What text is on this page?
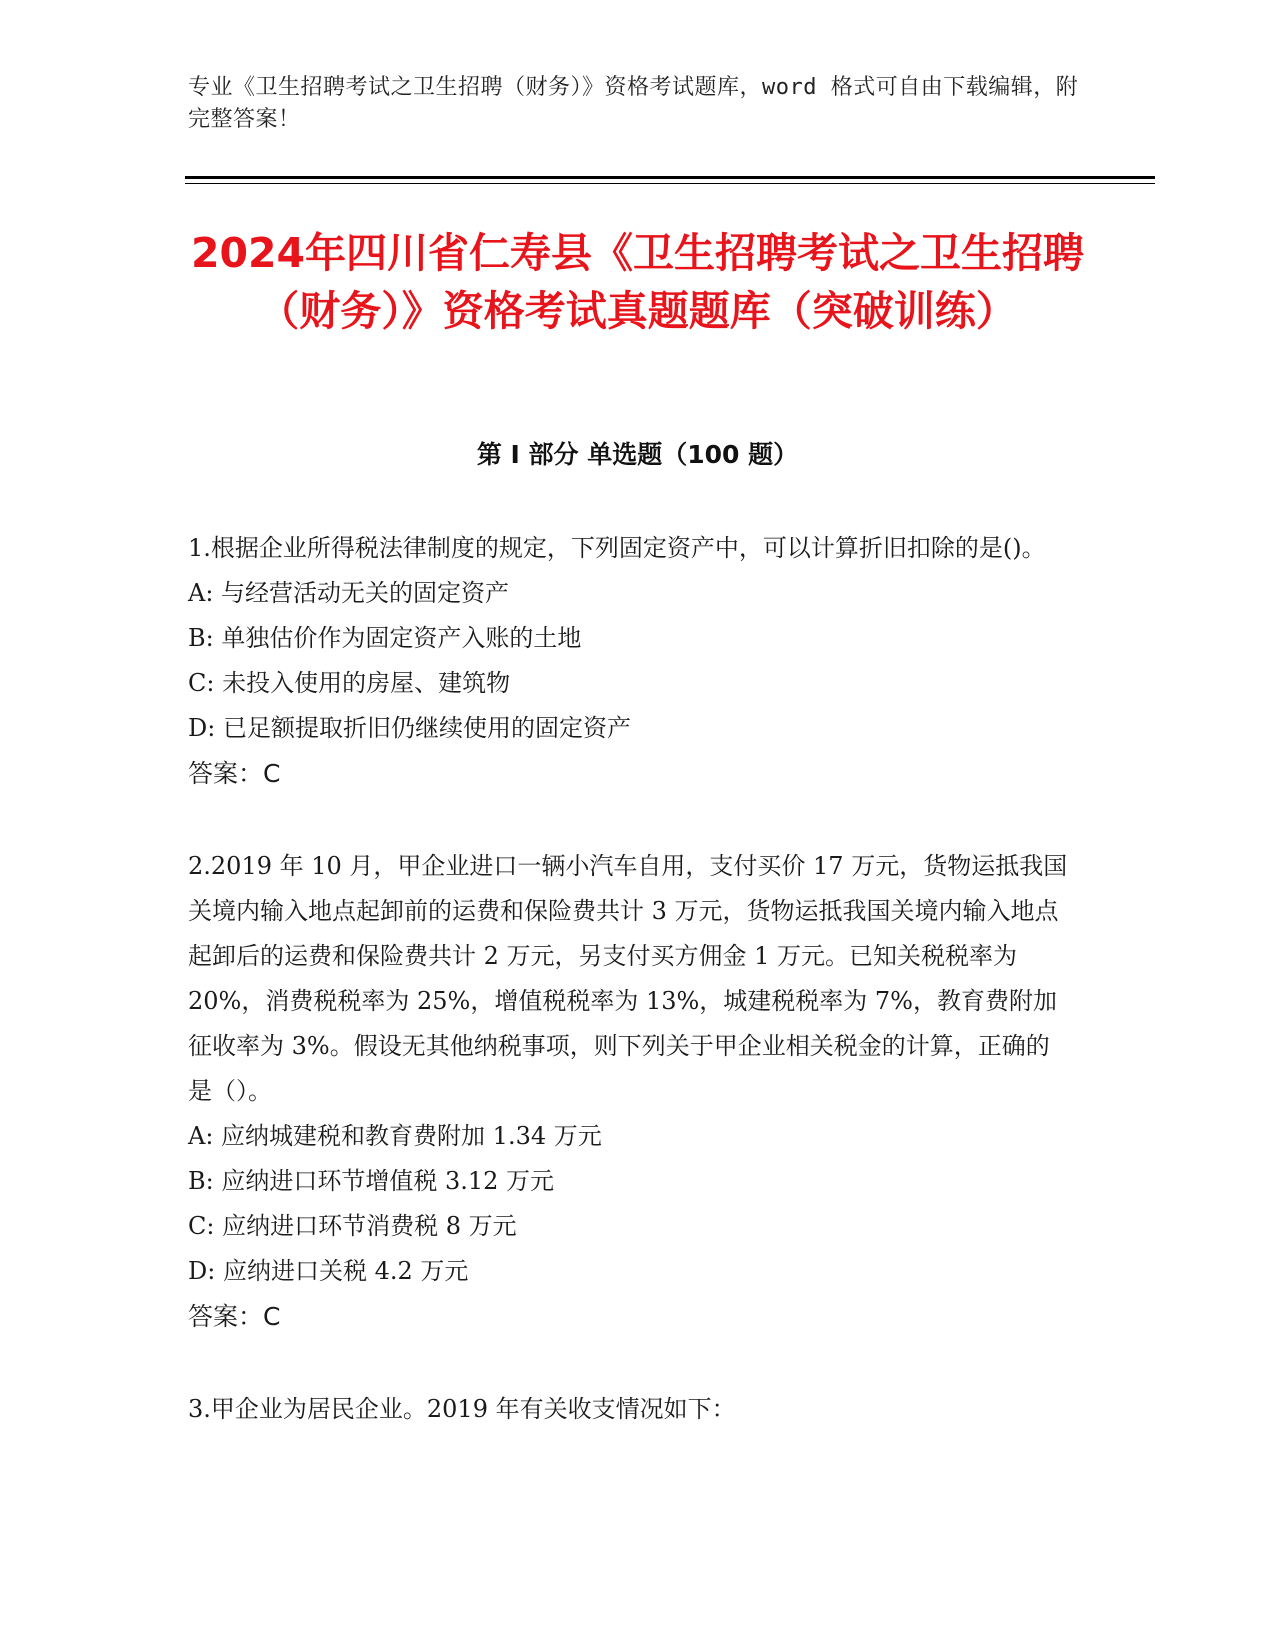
专业《卫生招聘考试之卫生招聘（财务）》资格考试题库，word 格式可自由下载编辑，附完整答案！
2024年四川省仁寿县《卫生招聘考试之卫生招聘（财务）》资格考试真题题库（突破训练）
第 I 部分 单选题（100 题）

1.根据企业所得税法律制度的规定，下列固定资产中，可以计算折旧扣除的是()。

A: 与经营活动无关的固定资产

B: 单独估价作为固定资产入账的土地

C: 未投入使用的房屋、建筑物

D: 已足额提取折旧仍继续使用的固定资产

答案：C

2.2019 年 10 月，甲企业进口一辆小汽车自用，支付买价 17 万元，货物运抵我国关境内输入地点起卸前的运费和保险费共计 3 万元，货物运抵我国关境内输入地点起卸后的运费和保险费共计 2 万元，另支付买方佣金 1 万元。已知关税税率为 20%，消费税税率为 25%，增值税税率为 13%，城建税税率为 7%，教育费附加征收率为 3%。假设无其他纳税事项，则下列关于甲企业相关税金的计算，正确的是（）。

A: 应纳城建税和教育费附加 1.34 万元

B: 应纳进口环节增值税 3.12 万元

C: 应纳进口环节消费税 8 万元

D: 应纳进口关税 4.2 万元

答案：C

3.甲企业为居民企业。2019 年有关收支情况如下：
